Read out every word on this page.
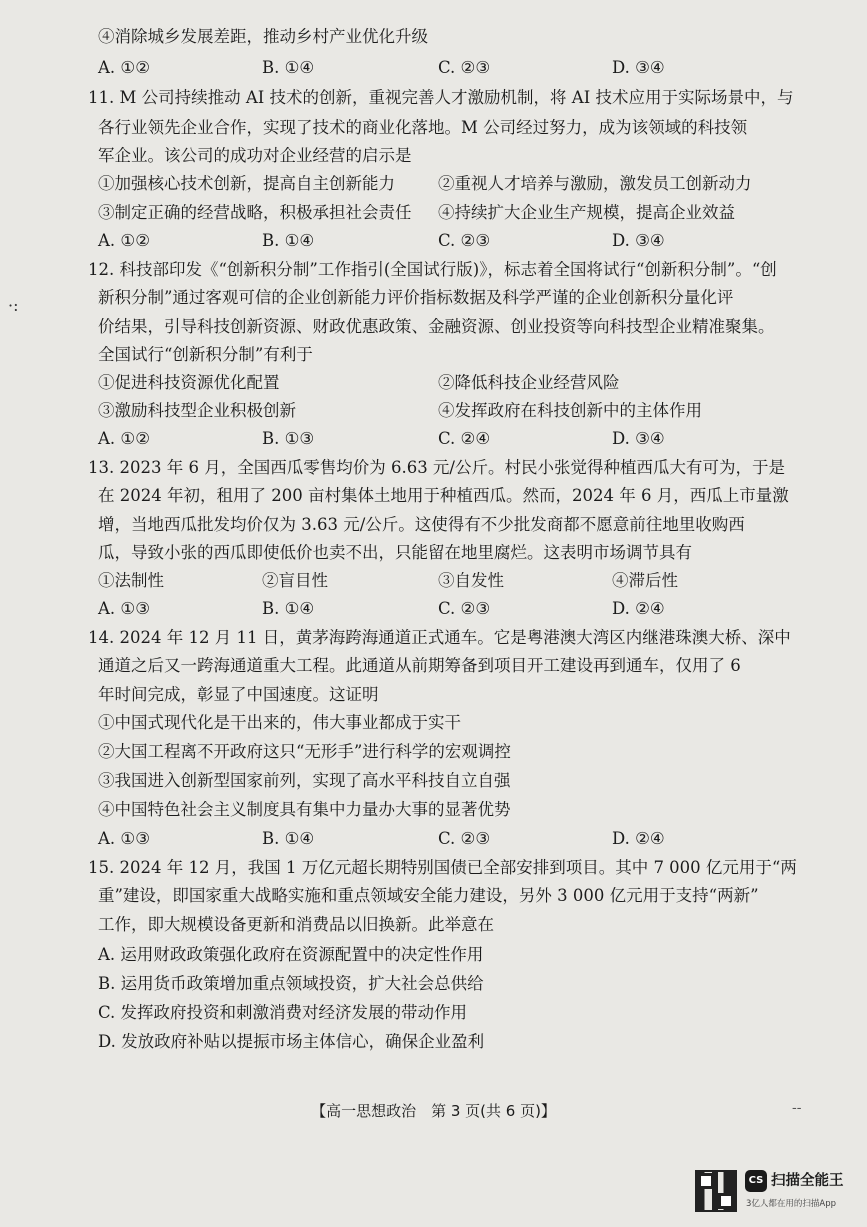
·:
④消除城乡发展差距，推动乡村产业优化升级
A. ①②	B. ①④	C. ②③	D. ③④
11. M 公司持续推动 AI 技术的创新，重视完善人才激励机制，将 AI 技术应用于实际场景中，与
各行业领先企业合作，实现了技术的商业化落地。M 公司经过努力，成为该领域的科技领
军企业。该公司的成功对企业经营的启示是
①加强核心技术创新，提高自主创新能力	②重视人才培养与激励，激发员工创新动力
③制定正确的经营战略，积极承担社会责任 ④持续扩大企业生产规模，提高企业效益
A. ①②	B. ①④	C. ②③	D. ③④
12. 科技部印发《“创新积分制”工作指引(全国试行版)》，标志着全国将试行“创新积分制”。“创
新积分制”通过客观可信的企业创新能力评价指标数据及科学严谨的企业创新积分量化评
价结果，引导科技创新资源、财政优惠政策、金融资源、创业投资等向科技型企业精准聚集。
全国试行“创新积分制”有利于
①促进科技资源优化配置	②降低科技企业经营风险
③激励科技型企业积极创新	④发挥政府在科技创新中的主体作用
A. ①②	B. ①③	C. ②④	D. ③④
13. 2023 年 6 月，全国西瓜零售均价为 6.63 元/公斤。村民小张觉得种植西瓜大有可为，于是
在 2024 年初，租用了 200 亩村集体土地用于种植西瓜。然而，2024 年 6 月，西瓜上市量激
增，当地西瓜批发均价仅为 3.63 元/公斤。这使得有不少批发商都不愿意前往地里收购西
瓜，导致小张的西瓜即使低价也卖不出，只能留在地里腐烂。这表明市场调节具有
①法制性	②盲目性	③自发性	④滞后性
A. ①③	B. ①④	C. ②③	D. ②④
14. 2024 年 12 月 11 日，黄茅海跨海通道正式通车。它是粤港澳大湾区内继港珠澳大桥、深中
通道之后又一跨海通道重大工程。此通道从前期筹备到项目开工建设再到通车，仅用了 6
年时间完成，彰显了中国速度。这证明
①中国式现代化是干出来的，伟大事业都成于实干
②大国工程离不开政府这只“无形手”进行科学的宏观调控
③我国进入创新型国家前列，实现了高水平科技自立自强
④中国特色社会主义制度具有集中力量办大事的显著优势
A. ①③	B. ①④	C. ②③	D. ②④
15. 2024 年 12 月，我国 1 万亿元超长期特别国债已全部安排到项目。其中 7 000 亿元用于“两
重”建设，即国家重大战略实施和重点领域安全能力建设，另外 3 000 亿元用于支持“两新”
工作，即大规模设备更新和消费品以旧换新。此举意在
A. 运用财政政策强化政府在资源配置中的决定性作用
B. 运用货币政策增加重点领域投资，扩大社会总供给
C. 发挥政府投资和刺激消费对经济发展的带动作用
D. 发放政府补贴以提振市场主体信心，确保企业盈利
【高一思想政治　第 3 页(共 6 页)】	--
CS 扫描全能王
3亿人都在用的扫描App
